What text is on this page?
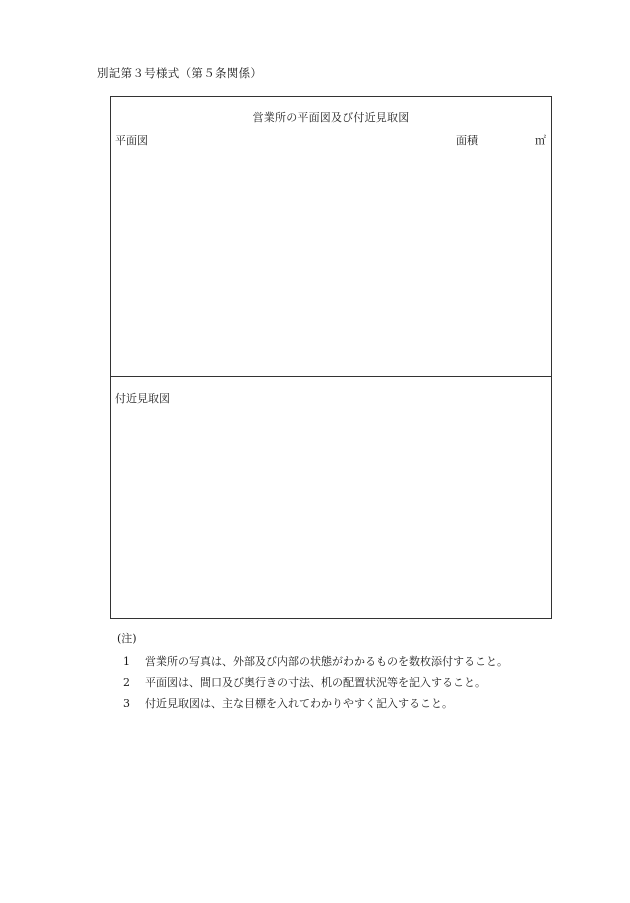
別記第３号様式（第５条関係）
営業所の平面図及び付近見取図
平面図	面積	㎡
付近見取図
(注)
1	営業所の写真は、外部及び内部の状態がわかるものを数枚添付すること。
2	平面図は、間口及び奥行きの寸法、机の配置状況等を記入すること。
3	付近見取図は、主な目標を入れてわかりやすく記入すること。
